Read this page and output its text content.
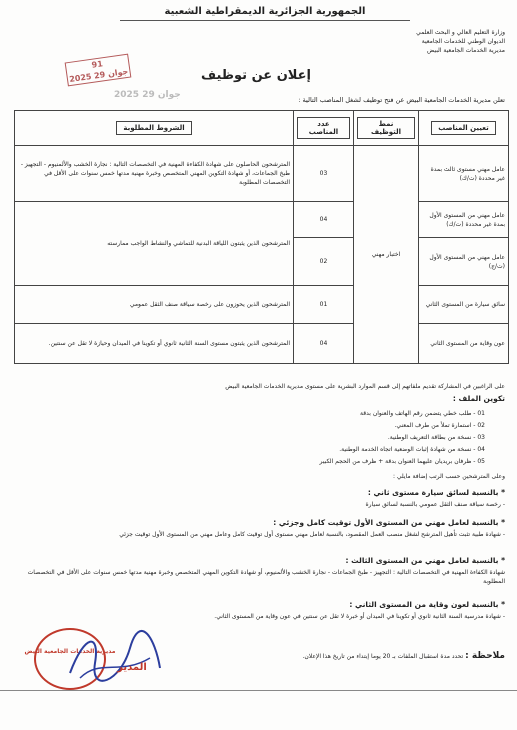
الجمهورية الجزائرية الديمقراطية الشعبية
وزارة التعليم العالي و البحث العلمي
الديوان الوطني للخدمات الجامعية
مديرية الخدمات الجامعية البيض
91
2025 جوان 29
2025 جوان 29
إعلان عن توظيف
تعلن مديرية الخدمات الجامعية البيض عن فتح توظيف لشغل المناصب التالية :
تعيين المناصب	نمط التوظيف	عدد المناصب	الشروط المطلوبة
عامل مهني مستوى ثالث بمدة غير محددة (ت/ك)	اختبار مهني	03	المترشحون الحاصلون على شهادة الكفاءة المهنية في التخصصات التالية : نجارة الخشب والألمنيوم - التجهيز - طبخ الجماعات، أو شهادة التكوين المهني المتخصص وخبرة مهنية مدتها خمس سنوات على الأقل في التخصصات المطلوبة
عامل مهني من المستوى الأول بمدة غير محددة (ت/ك)		04	المترشحون الذين يثبتون اللياقة البدنية للتماشي والنشاط الواجب ممارسته
عامل مهني من المستوى الأول (ت/ج)		02	
سائق سيارة من المستوى الثاني		01	المترشحون الذين يحوزون على رخصة سياقة صنف الثقل عمومي
عون وقاية من المستوى الثاني		04	المترشحون الذين يثبتون مستوى السنة الثانية ثانوي أو تكوينا في الميدان وحيازة لا تقل عن سنتين.
على الراغبين في المشاركة تقديم ملفاتهم إلى قسم الموارد البشرية على مستوى مديرية الخدمات الجامعية البيض
تكوين الملف :
01 - طلب خطي يتضمن رقم الهاتف والعنوان بدقة
02 - استمارة تملأ من طرف المعني.
03 - نسخة من بطاقة التعريف الوطنية.
04 - نسخة من شهادة إثبات الوضعية اتجاه الخدمة الوطنية.
05 - ظرفان بريديان عليهما العنوان بدقة + ظرف من الحجم الكبير
وعلى المترشحين حسب الرتب إضافة مايلي :
* بالنسبة لسائق سيارة مستوى ثاني :
- رخصة سياقة صنف الثقل عمومي بالنسبة لسائق سيارة
* بالنسبة لعامل مهني من المستوى الأول توقيت كامل وجزئي :
- شهادة طبية تثبت تأهيل المترشح لشغل منصب العمل المقصود، بالنسبة لعامل مهني مستوى أول توقيت كامل وعامل مهني من المستوى الأول توقيت جزئي
* بالنسبة لعامل مهني من المستوى الثالث :
شهادة الكفاءة المهنية في التخصصات التالية : التجهيز - طبخ الجماعات - نجارة الخشب والألمنيوم، أو شهادة التكوين المهني المتخصص وخبرة مهنية مدتها خمس سنوات على الأقل في التخصصات المطلوبة
* بالنسبة لعون وقاية من المستوى الثاني :
- شهادة مدرسية السنة الثانية ثانوي أو تكوينا في الميدان أو خبرة لا تقل عن سنتين في عون وقاية من المستوى الثاني.
ملاحظة : تحدد مدة استقبال الملفات بـ 20 يوما إبتداء من تاريخ هذا الإعلان.
مديرية الخدمات الجامعية البيض
المدير
